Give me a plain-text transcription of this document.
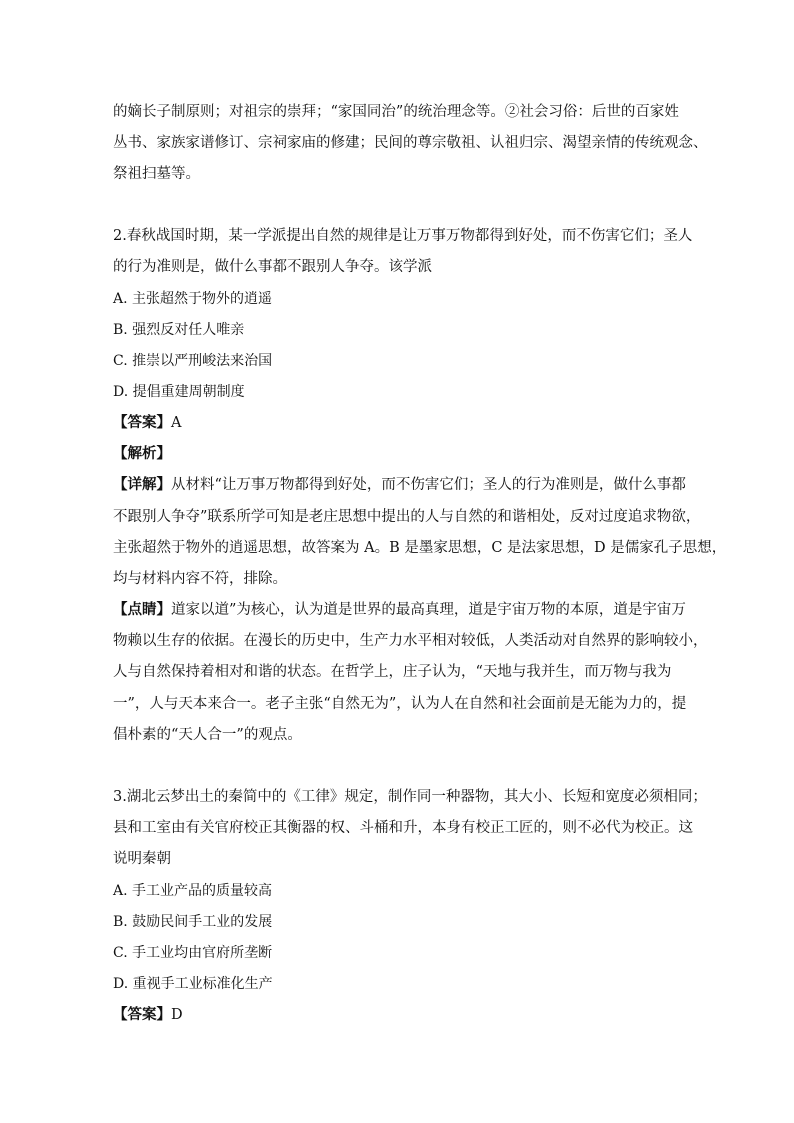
的嫡长子制原则；对祖宗的崇拜；“家国同治”的统治理念等。②社会习俗：后世的百家姓
丛书、家族家谱修订、宗祠家庙的修建；民间的尊宗敬祖、认祖归宗、渴望亲情的传统观念、
祭祖扫墓等。
2.春秋战国时期，某一学派提出自然的规律是让万事万物都得到好处，而不伤害它们；圣人
的行为准则是，做什么事都不跟别人争夺。该学派
A. 主张超然于物外的逍遥
B. 强烈反对任人唯亲
C. 推崇以严刑峻法来治国
D. 提倡重建周朝制度
【答案】A
【解析】
【详解】从材料“让万事万物都得到好处，而不伤害它们；圣人的行为准则是，做什么事都
不跟别人争夺”联系所学可知是老庄思想中提出的人与自然的和谐相处，反对过度追求物欲，
主张超然于物外的逍遥思想，故答案为 A。B 是墨家思想，C 是法家思想，D 是儒家孔子思想，
均与材料内容不符，排除。
【点睛】道家以道”为核心，认为道是世界的最高真理，道是宇宙万物的本原，道是宇宙万
物赖以生存的依据。在漫长的历史中，生产力水平相对较低，人类活动对自然界的影响较小，
人与自然保持着相对和谐的状态。在哲学上，庄子认为，“天地与我并生，而万物与我为
一”，人与天本来合一。老子主张“自然无为”，认为人在自然和社会面前是无能为力的，提
倡朴素的“天人合一”的观点。
3.湖北云梦出土的秦简中的《工律》规定，制作同一种器物，其大小、长短和宽度必须相同；
县和工室由有关官府校正其衡器的权、斗桶和升，本身有校正工匠的，则不必代为校正。这
说明秦朝
A. 手工业产品的质量较高
B. 鼓励民间手工业的发展
C. 手工业均由官府所垄断
D. 重视手工业标准化生产
【答案】D
